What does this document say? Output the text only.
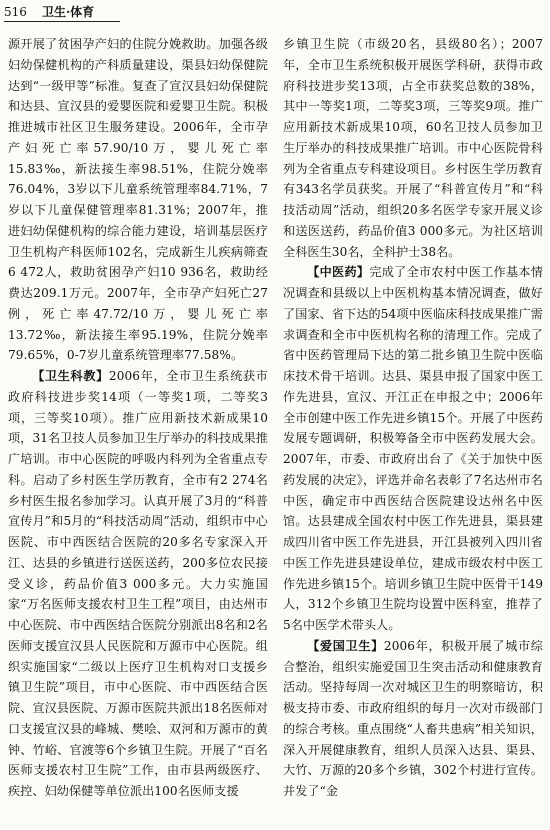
516 卫生·体育

源开展了贫困孕产妇的住院分娩救助。加强各级妇幼保健机构的产科质量建设，渠县妇幼保健院达到“一级甲等”标准。复查了宣汉县妇幼保健院和达县、宣汉县的爱婴医院和爱婴卫生院。积极推进城市社区卫生服务建设。2006年，全市孕产妇死亡率57.90/10万，婴儿死亡率15.83‰，新法接生率98.51%，住院分娩率76.04%，3岁以下儿童系统管理率84.71%，7岁以下儿童保健管理率81.31%；2007年，推进妇幼保健机构的综合能力建设，培训基层医疗卫生机构产科医师102名，完成新生儿疾病筛查6 472人，救助贫困孕产妇10 936名，救助经费达209.1万元。2007年，全市孕产妇死亡27例，死亡率47.72/10万，婴儿死亡率13.72‰，新法接生率95.19%，住院分娩率79.65%，0-7岁儿童系统管理率77.58%。

【卫生科教】2006年，全市卫生系统获市政府科技进步奖14项（一等奖1项，二等奖3项，三等奖10项）。推广应用新技术新成果10项，31名卫技人员参加卫生厅举办的科技成果推广培训。市中心医院的呼吸内科列为全省重点专科。启动了乡村医生学历教育，全市有2 274名乡村医生报名参加学习。认真开展了3月的“科普宣传月”和5月的“科技活动周”活动，组织市中心医院、市中西医结合医院的20多名专家深入开江、达县的乡镇进行送医送药，200多位农民接受义诊，药品价值3 000多元。大力实施国家“万名医师支援农村卫生工程”项目，由达州市中心医院、市中西医结合医院分别派出8名和2名医师支援宣汉县人民医院和万源市中心医院。组织实施国家“二级以上医疗卫生机构对口支援乡镇卫生院”项目，市中心医院、市中西医结合医院、宣汉县医院、万源市医院共派出18名医师对口支援宣汉县的峰城、樊哙、双河和万源市的黄钟、竹峪、官渡等6个乡镇卫生院。开展了“百名医师支援农村卫生院”工作，由市县两级医疗、疾控、妇幼保健等单位派出100名医师支援

乡镇卫生院（市级20名，县级80名）；2007年，全市卫生系统积极开展医学科研，获得市政府科技进步奖13项，占全市获奖总数的38%，其中一等奖1项，二等奖3项，三等奖9项。推广应用新技术新成果10项，60名卫技人员参加卫生厅举办的科技成果推广培训。市中心医院骨科列为全省重点专科建设项目。乡村医生学历教育有343名学员获奖。开展了“科普宣传月”和“科技活动周”活动，组织20多名医学专家开展义诊和送医送药，药品价值3 000多元。为社区培训全科医生30名，全科护士38名。

【中医药】完成了全市农村中医工作基本情况调查和县级以上中医机构基本情况调查，做好了国家、省下达的54项中医临床科技成果推广需求调查和全市中医机构名称的清理工作。完成了省中医药管理局下达的第二批乡镇卫生院中医临床技术骨干培训。达县、渠县申报了国家中医工作先进县，宣汉、开江正在申报之中；2006年全市创建中医工作先进乡镇15个。开展了中医药发展专题调研，积极筹备全市中医药发展大会。2007年，市委、市政府出台了《关于加快中医药发展的决定》，评选并命名表彰了7名达州市名中医，确定市中西医结合医院建设达州名中医馆。达县建成全国农村中医工作先进县，渠县建成四川省中医工作先进县，开江县被列入四川省中医工作先进县建设单位，建成市级农村中医工作先进乡镇15个。培训乡镇卫生院中医骨干149人，312个乡镇卫生院均设置中医科室，推荐了5名中医学术带头人。

【爱国卫生】2006年，积极开展了城市综合整治，组织实施爱国卫生突击活动和健康教育活动。坚持每周一次对城区卫生的明察暗访，积极支持市委、市政府组织的每月一次对市级部门的综合考核。重点围绕“人畜共患病”相关知识，深入开展健康教育，组织人员深入达县、渠县、大竹、万源的20多个乡镇，302个村进行宣传。并发了“金
